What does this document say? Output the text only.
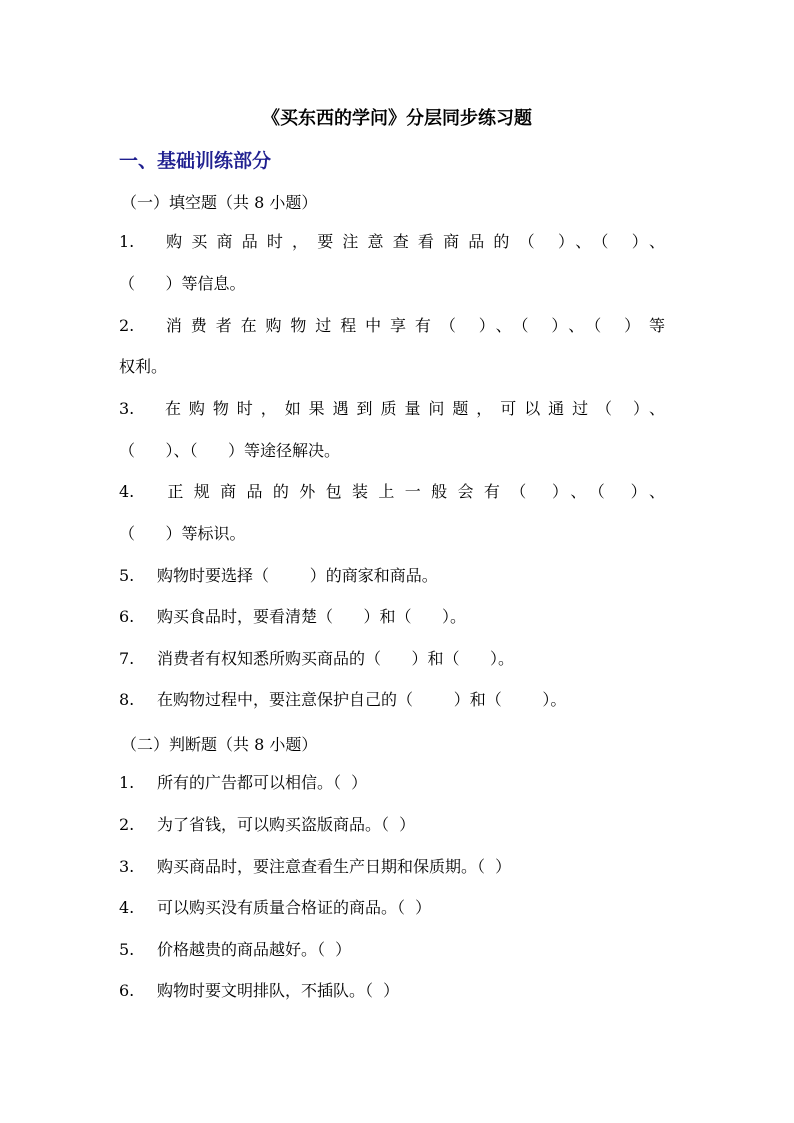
《买东西的学问》分层同步练习题
一、基础训练部分

（一）填空题（共 8 小题）

1. 购买商品时，要注意查看商品的（ ）、（ ）、

（      ）等信息。

2. 消费者在购物过程中享有（ ）、（ ）、（ ）等

权利。

3. 在购物时，如果遇到质量问题，可以通过（ ）、

（      ）、（      ）等途径解决。

4. 正规商品的外包装上一般会有（ ）、（ ）、

（      ）等标识。

5. 购物时要选择（        ）的商家和商品。

6. 购买食品时，要看清楚（      ）和（      ）。

7. 消费者有权知悉所购买商品的（      ）和（      ）。

8. 在购物过程中，要注意保护自己的（        ）和（        ）。

（二）判断题（共 8 小题）

1. 所有的广告都可以相信。（  ）

2. 为了省钱，可以购买盗版商品。（  ）

3. 购买商品时，要注意查看生产日期和保质期。（  ）

4. 可以购买没有质量合格证的商品。（  ）

5. 价格越贵的商品越好。（  ）

6. 购物时要文明排队，不插队。（  ）
